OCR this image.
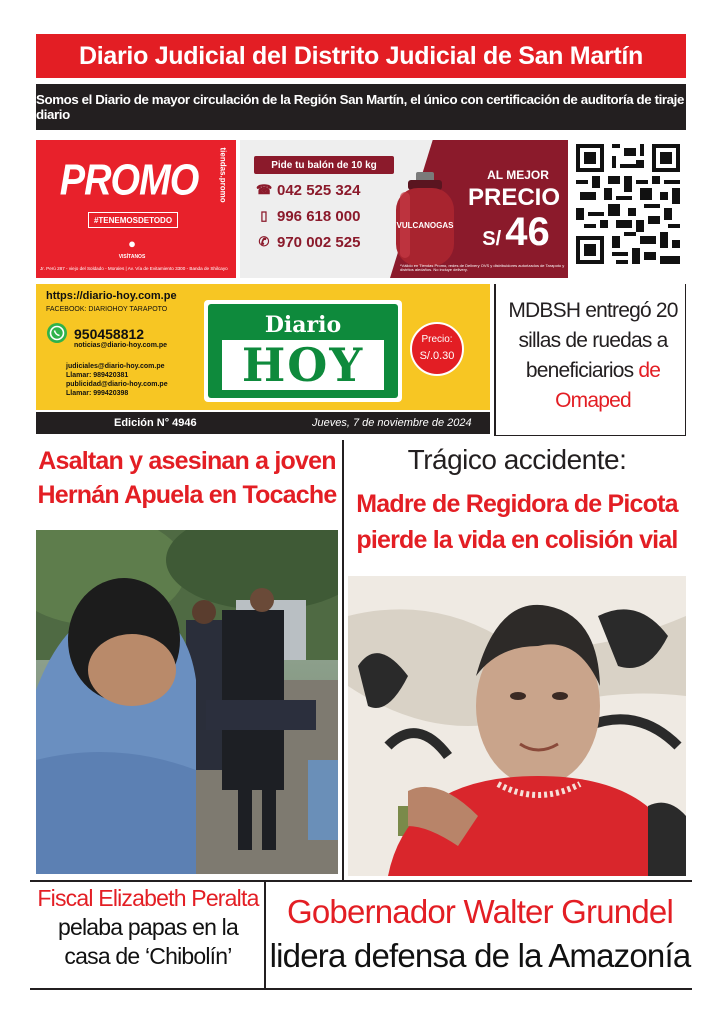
Diario Judicial del Distrito Judicial de San Martín
Somos el Diario de mayor circulación de la Región San Martín, el único con certificación de auditoría de tiraje diario
PROMO
#TENEMOSDETODO
●
VISÍTANOS
Jr. Perú 287 - viejo del Soldado - Morales | Av. Vía de Evitamiento 3300 - Banda de Shilcayo
tiendas.promo	Pide tu balón de 10 kg
☎ 042 525 324
▯ 996 618 000
✆ 970 002 525
VULCANOGAS
AL MEJOR
PRECIO
S/ 46
*Válido en Tiendas Promo, redes de Delivery OVS y distribuidores autorizados de Tarapoto y distritos aledaños. No incluye delivery.
https://diario-hoy.com.pe
FACEBOOK: DIARIOHOY TARAPOTO
950458812
noticias@diario-hoy.com.pe
judiciales@diario-hoy.com.pe
Llamar: 989420381
publicidad@diario-hoy.com.pe
Llamar: 999420398
Diario
HOY	Precio:
S/.0.30
Edición N° 4946	Jueves, 7 de noviembre de 2024
MDBSH entregó 20 sillas de ruedas a beneficiarios de Omaped
Asaltan y asesinan a joven Hernán Apuela en Tocache
Trágico accidente:
Madre de Regidora de Picota pierde la vida en colisión vial
Fiscal Elizabeth Peralta
pelaba papas en la casa de ‘Chibolín’
Gobernador Walter Grundel
lidera defensa de la Amazonía
